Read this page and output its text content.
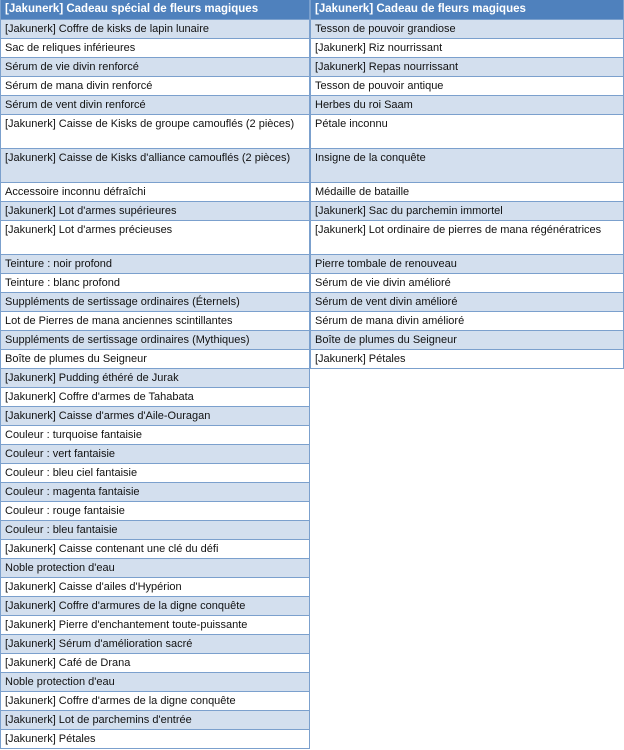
[Jakunerk] Cadeau spécial de fleurs magiques
[Jakunerk] Coffre de kisks de lapin lunaire
Sac de reliques inférieures
Sérum de vie divin renforcé
Sérum de mana divin renforcé
Sérum de vent divin renforcé
[Jakunerk] Caisse de Kisks de groupe camouflés (2 pièces)
[Jakunerk] Caisse de Kisks d'alliance camouflés (2 pièces)
Accessoire inconnu défraîchi
[Jakunerk] Lot d'armes supérieures
[Jakunerk] Lot d'armes précieuses
Teinture : noir profond
Teinture : blanc profond
Suppléments de sertissage ordinaires (Éternels)
Lot de Pierres de mana anciennes scintillantes
Suppléments de sertissage ordinaires (Mythiques)
Boîte de plumes du Seigneur
[Jakunerk] Pudding éthéré de Jurak
[Jakunerk] Coffre d'armes de Tahabata
[Jakunerk] Caisse d'armes d'Aile-Ouragan
Couleur : turquoise fantaisie
Couleur : vert fantaisie
Couleur : bleu ciel fantaisie
Couleur : magenta fantaisie
Couleur : rouge fantaisie
Couleur : bleu fantaisie
[Jakunerk] Caisse contenant une clé du défi
Noble protection d'eau
[Jakunerk] Caisse d'ailes d'Hypérion
[Jakunerk] Coffre d'armures de la digne conquête
[Jakunerk] Pierre d'enchantement toute-puissante
[Jakunerk] Sérum d'amélioration sacré
[Jakunerk] Café de Drana
Noble protection d'eau
[Jakunerk] Coffre d'armes de la digne conquête
[Jakunerk] Lot de parchemins d'entrée
[Jakunerk] Pétales
[Jakunerk] Cadeau de fleurs magiques
Tesson de pouvoir grandiose
[Jakunerk] Riz nourrissant
[Jakunerk] Repas nourrissant
Tesson de pouvoir antique
Herbes du roi Saam
Pétale inconnu
Insigne de la conquête
Médaille de bataille
[Jakunerk] Sac du parchemin immortel
[Jakunerk] Lot ordinaire de pierres de mana régénératrices
Pierre tombale de renouveau
Sérum de vie divin amélioré
Sérum de vent divin amélioré
Sérum de mana divin amélioré
Boîte de plumes du Seigneur
[Jakunerk] Pétales
